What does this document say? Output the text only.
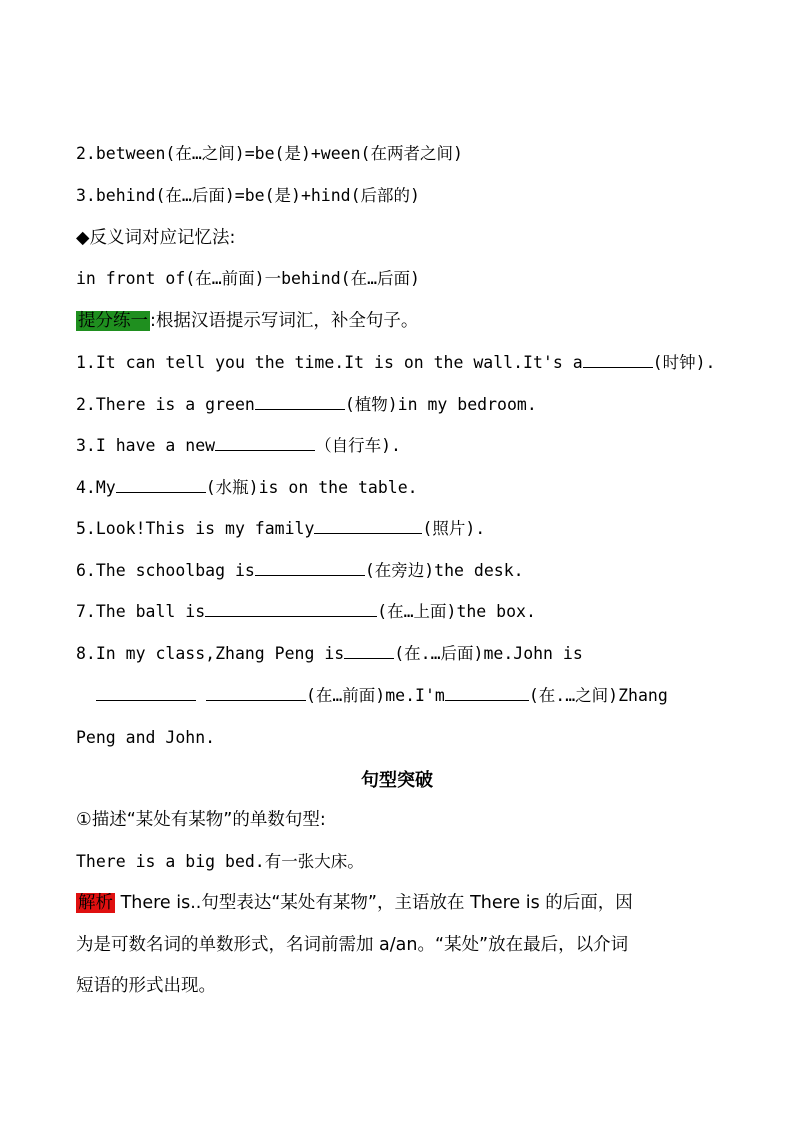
2.between(在…之间)=be(是)+ween(在两者之间)
3.behind(在…后面)=be(是)+hind(后部的)
◆反义词对应记忆法:
in front of(在…前面)一behind(在…后面)
提分练一 :根据汉语提示写词汇，补全句子。
1.It can tell you the time.It is on the wall.It's a	(时钟).
2.There is a green	(植物)in my bedroom.
3.I have a new	（自行车).
4.My	(水瓶)is on the table.
5.Look!This is my family	(照片).
6.The schoolbag is	(在旁边)the desk.
7.The ball is	(在…上面)the box.
8.In my class,Zhang Peng is	(在.…后面)me.John is
(在…前面)me.I'm	(在.…之间)Zhang
Peng and John.
句型突破
①描述“某处有某物”的单数句型:
There is a big bed.有一张大床。
解析 There is..句型表达“某处有某物”，主语放在 There is 的后面，因
为是可数名词的单数形式，名词前需加 a/an。“某处”放在最后，以介词
短语的形式出现。
